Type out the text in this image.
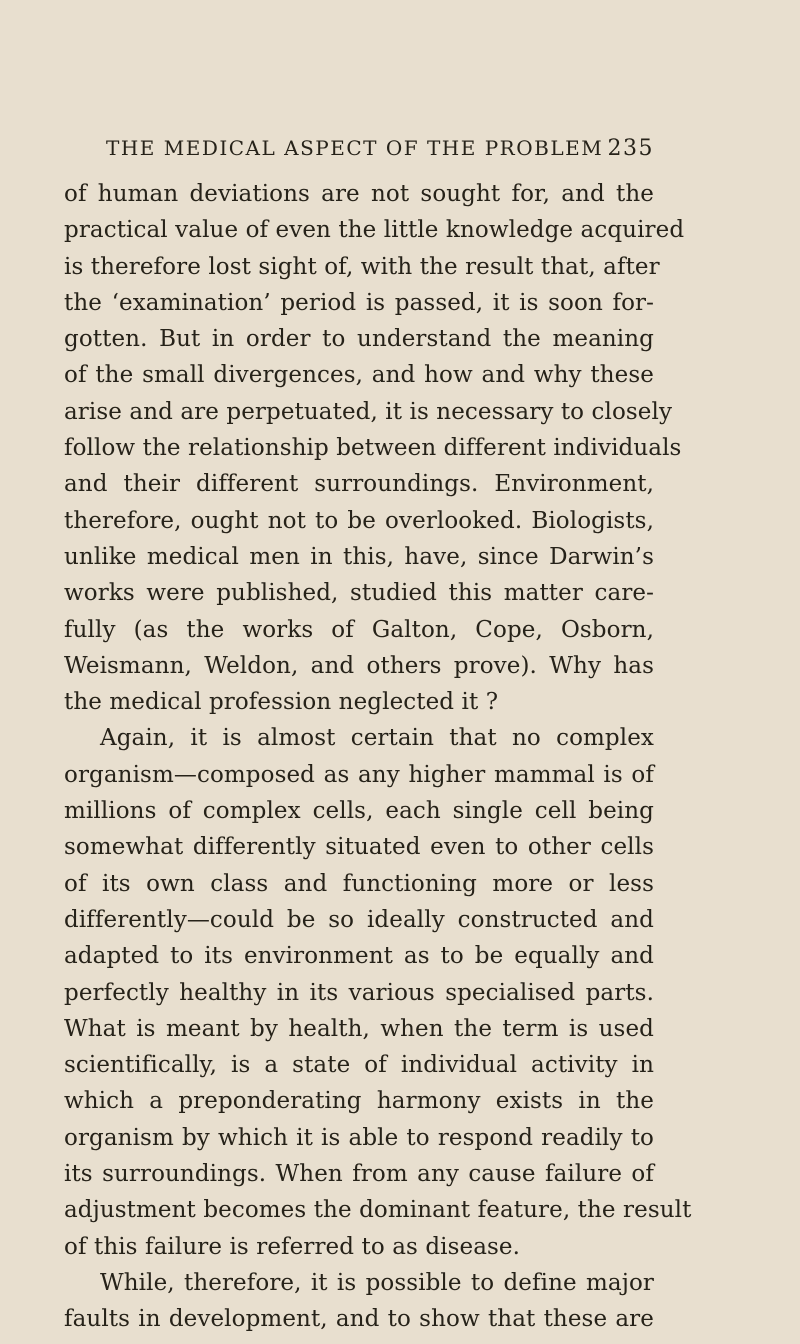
THE MEDICAL ASPECT OF THE PROBLEM 235
of human deviations are not sought for, and the
practical value of even the little knowledge acquired
is therefore lost sight of, with the result that, after
the ‘examination’ period is passed, it is soon for-
gotten. But in order to understand the meaning
of the small divergences, and how and why these
arise and are perpetuated, it is necessary to closely
follow the relationship between different individuals
and their different surroundings. Environment,
therefore, ought not to be overlooked. Biologists,
unlike medical men in this, have, since Darwin’s
works were published, studied this matter care-
fully (as the works of Galton, Cope, Osborn,
Weismann, Weldon, and others prove). Why has
the medical profession neglected it ?
Again, it is almost certain that no complex
organism—composed as any higher mammal is of
millions of complex cells, each single cell being
somewhat differently situated even to other cells
of its own class and functioning more or less
differently—could be so ideally constructed and
adapted to its environment as to be equally and
perfectly healthy in its various specialised parts.
What is meant by health, when the term is used
scientifically, is a state of individual activity in
which a preponderating harmony exists in the
organism by which it is able to respond readily to
its surroundings. When from any cause failure of
adjustment becomes the dominant feature, the result
of this failure is referred to as disease.
While, therefore, it is possible to define major
faults in development, and to show that these are
